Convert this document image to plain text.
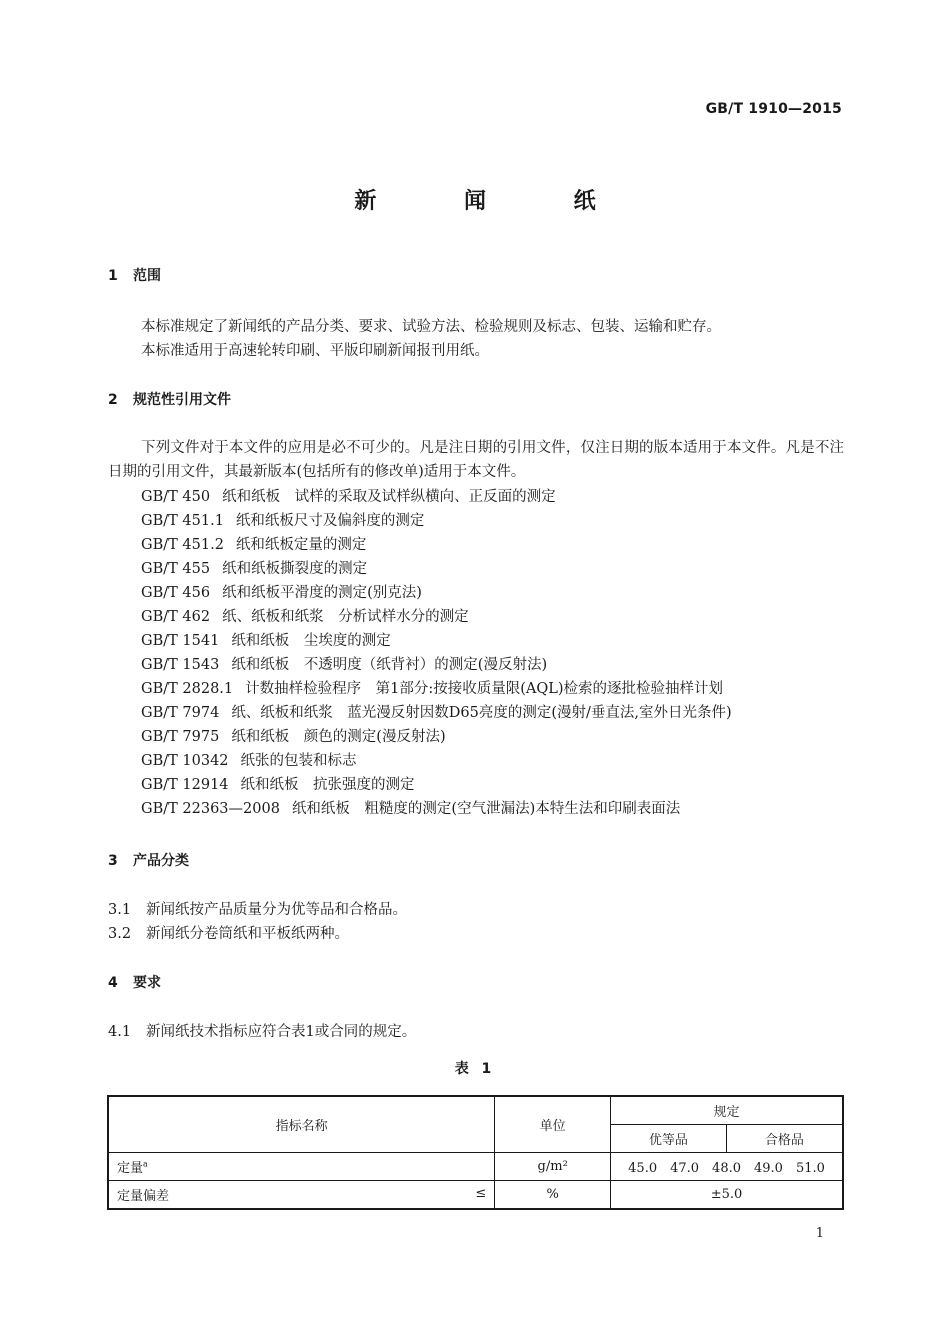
GB/T 1910—2015
新 闻 纸
1 范围
本标准规定了新闻纸的产品分类、要求、试验方法、检验规则及标志、包装、运输和贮存。
本标准适用于高速轮转印刷、平版印刷新闻报刊用纸。
2 规范性引用文件
下列文件对于本文件的应用是必不可少的。凡是注日期的引用文件，仅注日期的版本适用于本文件。凡是不注日期的引用文件，其最新版本(包括所有的修改单)适用于本文件。
GB/T 450 纸和纸板　试样的采取及试样纵横向、正反面的测定
GB/T 451.1 纸和纸板尺寸及偏斜度的测定
GB/T 451.2 纸和纸板定量的测定
GB/T 455 纸和纸板撕裂度的测定
GB/T 456 纸和纸板平滑度的测定(别克法)
GB/T 462 纸、纸板和纸浆　分析试样水分的测定
GB/T 1541 纸和纸板　尘埃度的测定
GB/T 1543 纸和纸板　不透明度（纸背衬）的测定(漫反射法)
GB/T 2828.1 计数抽样检验程序　第1部分:按接收质量限(AQL)检索的逐批检验抽样计划
GB/T 7974 纸、纸板和纸浆　蓝光漫反射因数D65亮度的测定(漫射/垂直法,室外日光条件)
GB/T 7975 纸和纸板　颜色的测定(漫反射法)
GB/T 10342 纸张的包装和标志
GB/T 12914 纸和纸板　抗张强度的测定
GB/T 22363—2008 纸和纸板　粗糙度的测定(空气泄漏法)本特生法和印刷表面法
3 产品分类
3.1 新闻纸按产品质量分为优等品和合格品。
3.2 新闻纸分卷筒纸和平板纸两种。
4 要求
4.1 新闻纸技术指标应符合表1或合同的规定。
表 1
指标名称	单位	规定	
		优等品	合格品
定量$^a$	g/m²	45.0　47.0　48.0　49.0　51.0	
定量偏差 ≤	%	±5.0	
1
